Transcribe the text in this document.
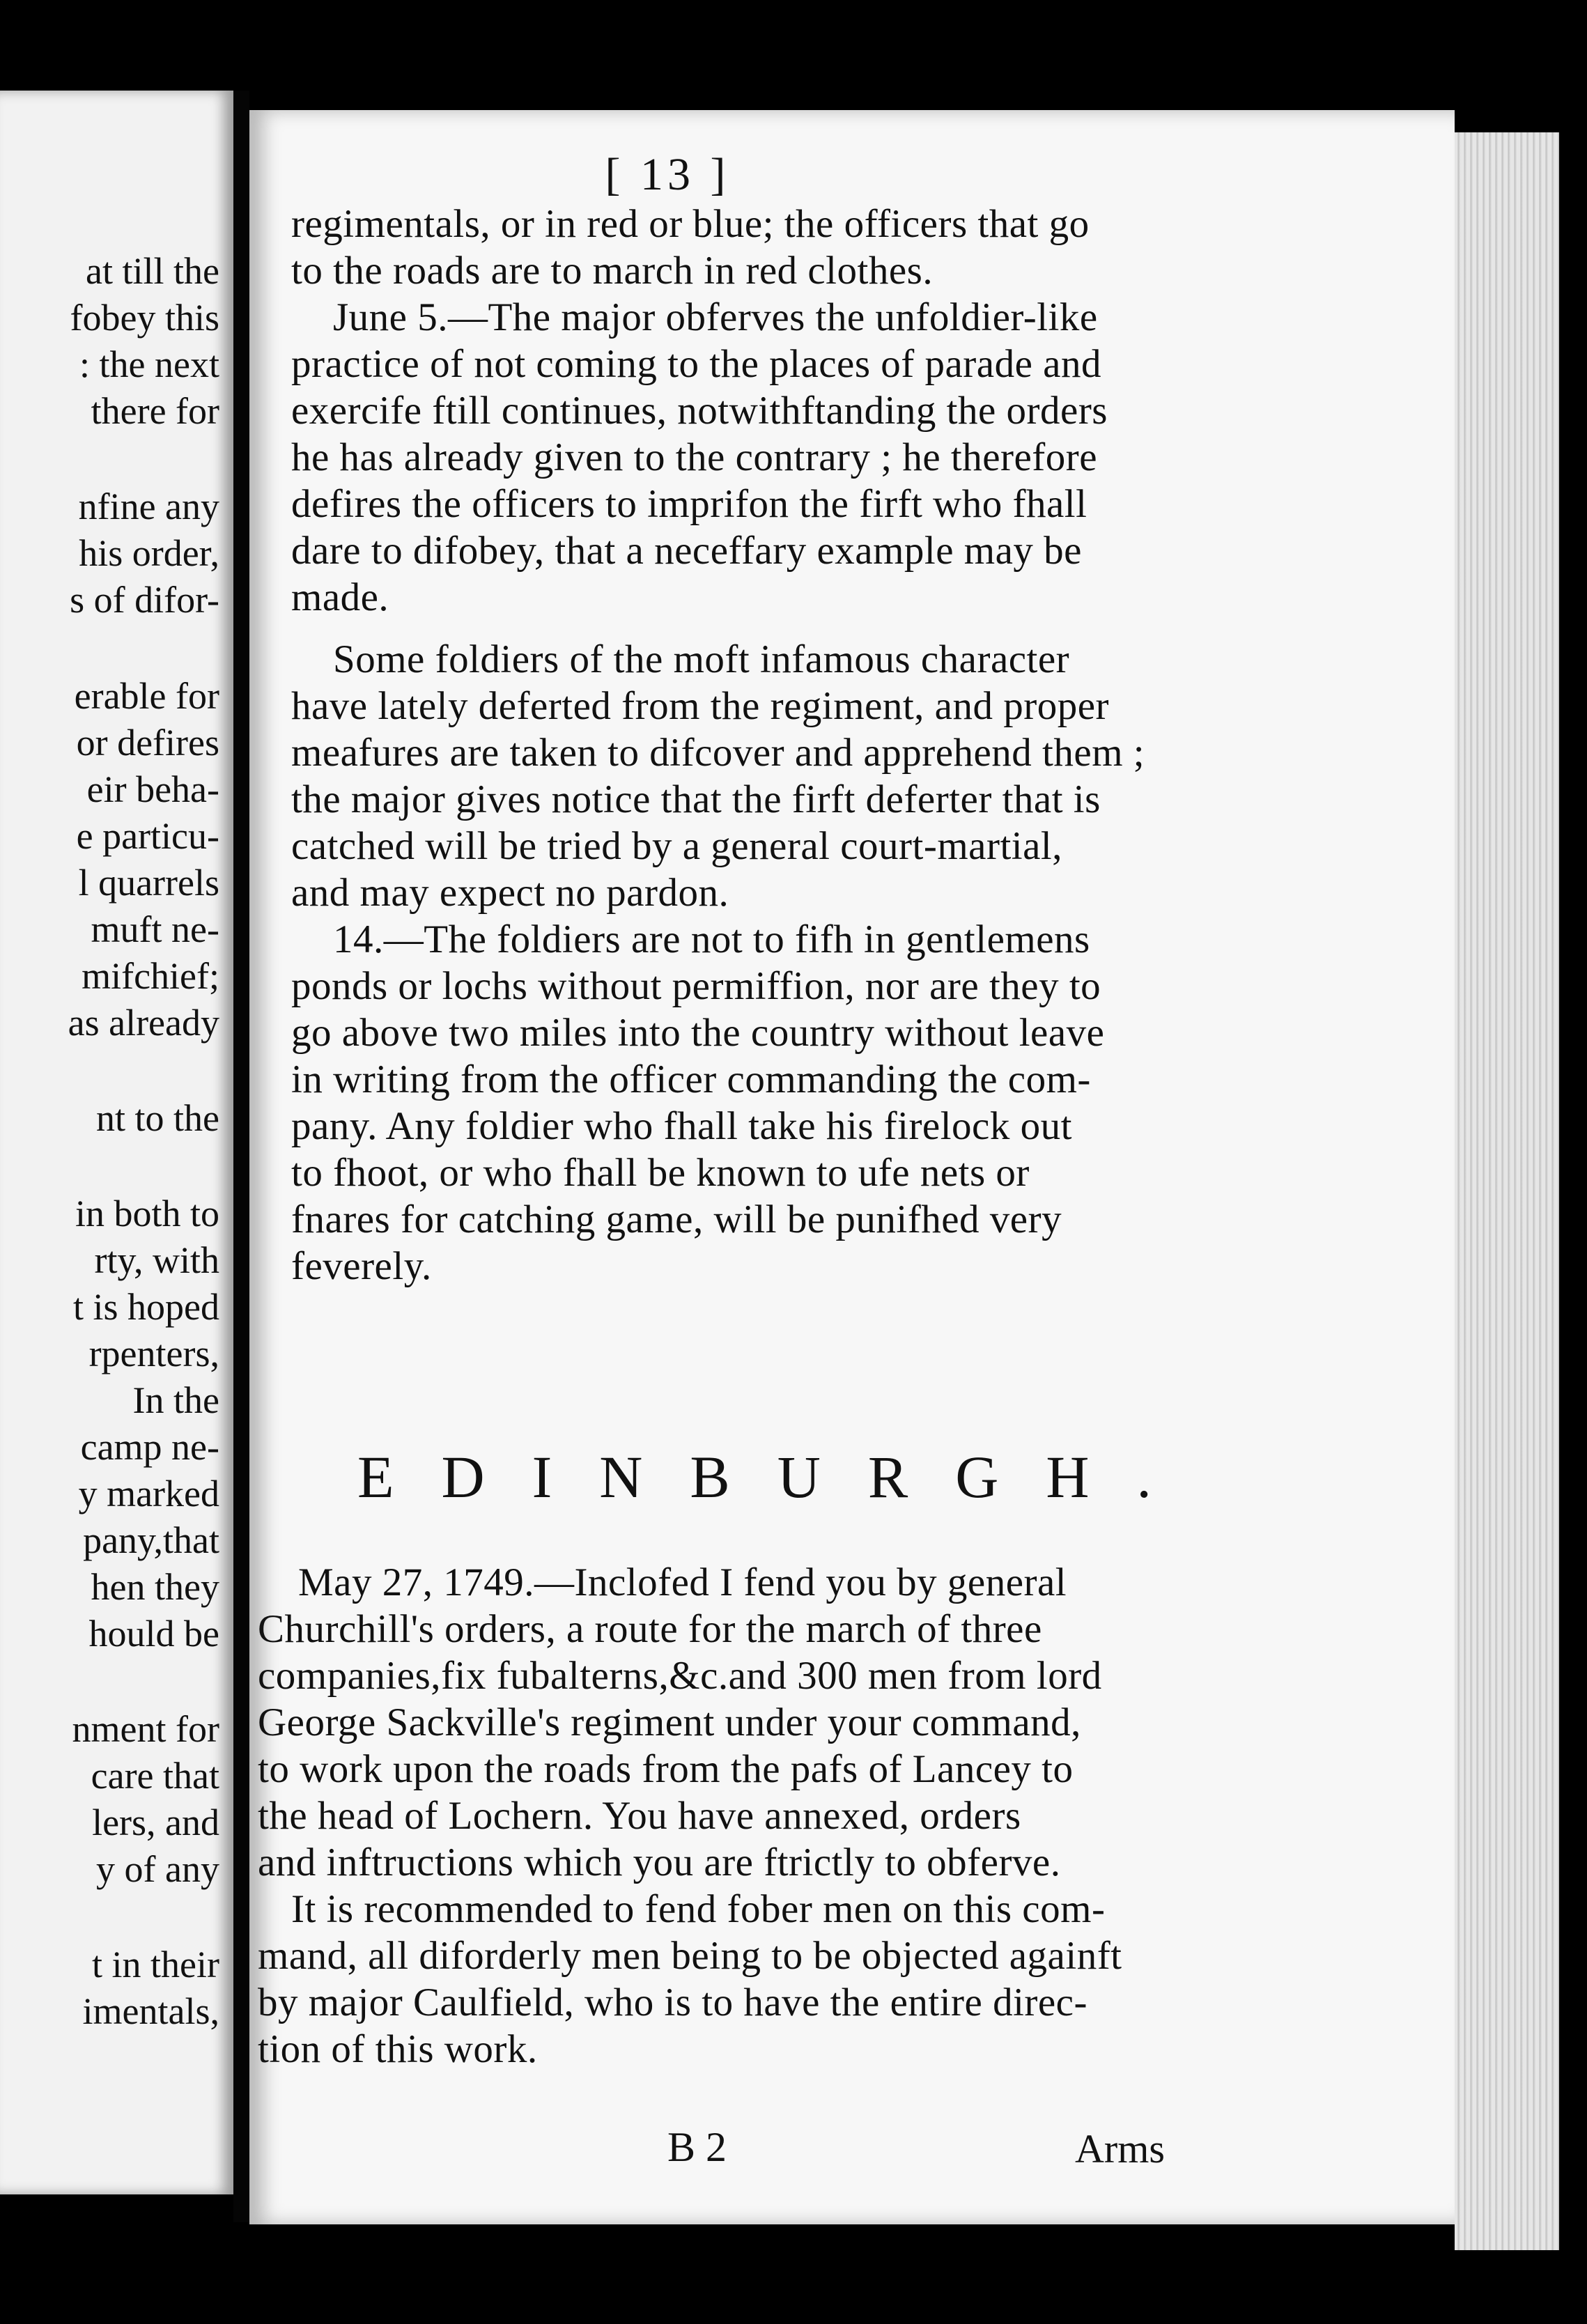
at till the
fobey this
: the next
there for
nfine any
his order,
s of difor-
erable for
or defires
eir beha-
e particu-
l quarrels
muft ne-
mifchief;
as already
nt to the
in both to
rty, with
t is hoped
rpenters,
In the
camp ne-
y marked
pany,that
hen they
hould be
nment for
care that
lers, and
y of any
t in their
imentals,
[ 13 ]
regimentals, or in red or blue; the officers that go
to the roads are to march in red clothes.
June 5.—The major obferves the unfoldier-like
practice of not coming to the places of parade and
exercife ftill continues, notwithftanding the orders
he has already given to the contrary ; he therefore
defires the officers to imprifon the firft who fhall
dare to difobey, that a neceffary example may be
made.
Some foldiers of the moft infamous character
have lately deferted from the regiment, and proper
meafures are taken to difcover and apprehend them ;
the major gives notice that the firft deferter that is
catched will be tried by a general court-martial,
and may expect no pardon.
14.—The foldiers are not to fifh in gentlemens
ponds or lochs without permiffion, nor are they to
go above two miles into the country without leave
in writing from the officer commanding the com-
pany. Any foldier who fhall take his firelock out
to fhoot, or who fhall be known to ufe nets or
fnares for catching game, will be punifhed very
feverely.
EDINBURGH.
May 27, 1749.—Inclofed I fend you by general
Churchill's orders, a route for the march of three
companies,fix fubalterns,&c.and 300 men from lord
George Sackville's regiment under your command,
to work upon the roads from the pafs of Lancey to
the head of Lochern. You have annexed, orders
and inftructions which you are ftrictly to obferve.
It is recommended to fend fober men on this com-
mand, all diforderly men being to be objected againft
by major Caulfield, who is to have the entire direc-
tion of this work.
B 2	Arms
